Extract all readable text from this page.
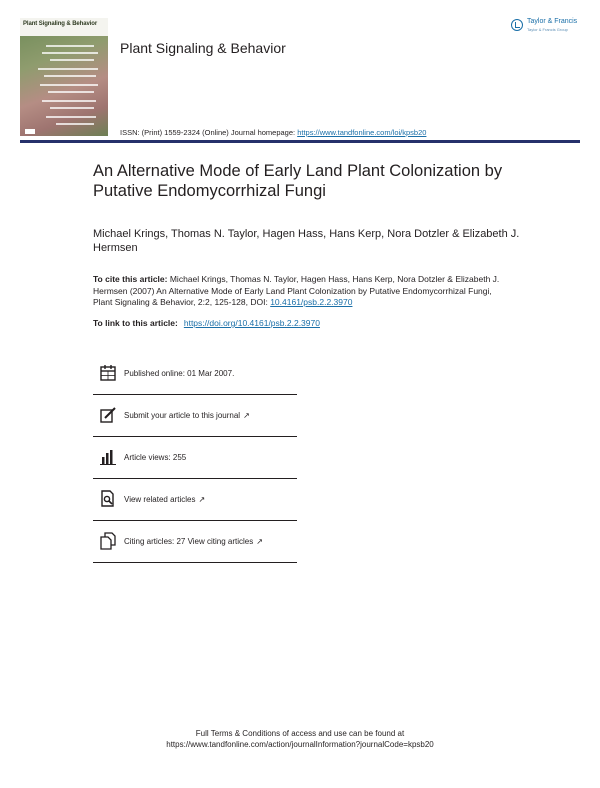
Plant Signaling & Behavior
Plant Signaling & Behavior
Taylor & Francis
Taylor & Francis Group
ISSN: (Print) 1559-2324 (Online) Journal homepage: https://www.tandfonline.com/loi/kpsb20
An Alternative Mode of Early Land Plant Colonization by Putative Endomycorrhizal Fungi
Michael Krings, Thomas N. Taylor, Hagen Hass, Hans Kerp, Nora Dotzler & Elizabeth J. Hermsen
To cite this article: Michael Krings, Thomas N. Taylor, Hagen Hass, Hans Kerp, Nora Dotzler & Elizabeth J. Hermsen (2007) An Alternative Mode of Early Land Plant Colonization by Putative Endomycorrhizal Fungi, Plant Signaling & Behavior, 2:2, 125-128, DOI: 10.4161/psb.2.2.3970
To link to this article: https://doi.org/10.4161/psb.2.2.3970
Published online: 01 Mar 2007.
Submit your article to this journal ↗
Article views: 255
View related articles ↗
Citing articles: 27 View citing articles ↗
Full Terms & Conditions of access and use can be found at
https://www.tandfonline.com/action/journalInformation?journalCode=kpsb20
